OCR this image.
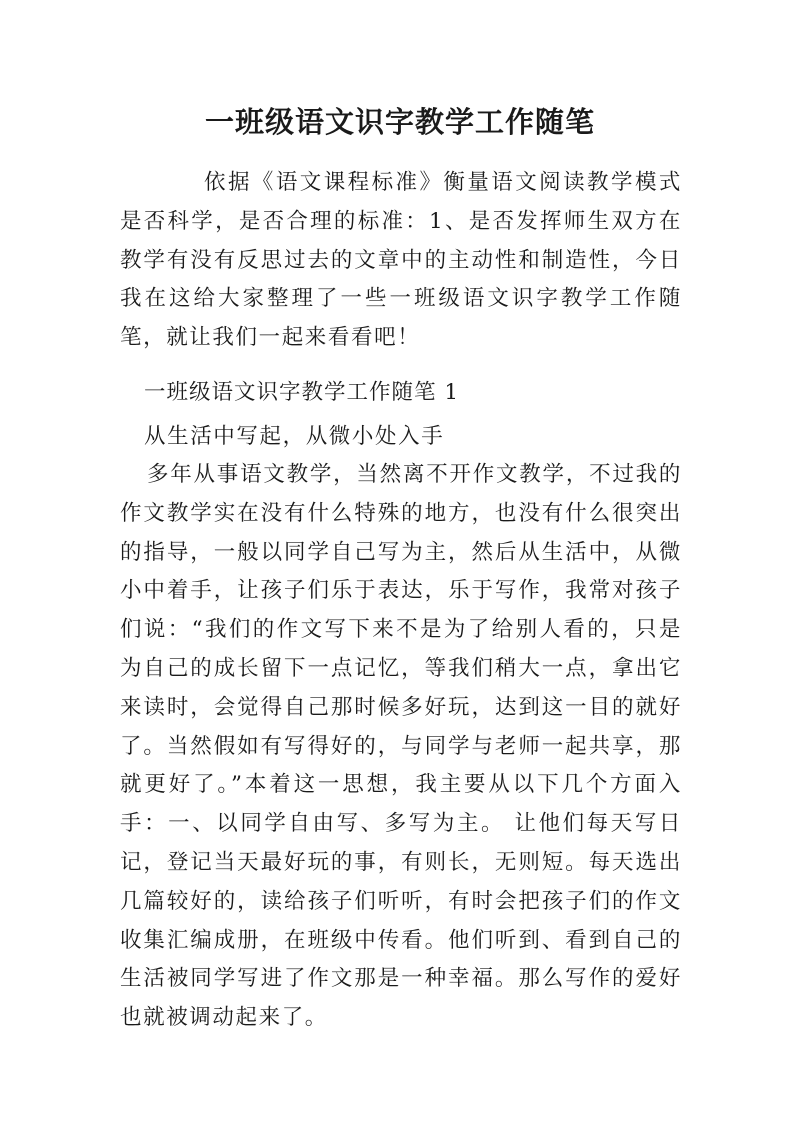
一班级语文识字教学工作随笔

依据《语文课程标准》衡量语文阅读教学模式是否科学，是否合理的标准：1、是否发挥师生双方在教学有没有反思过去的文章中的主动性和制造性，今日我在这给大家整理了一些一班级语文识字教学工作随笔，就让我们一起来看看吧！

一班级语文识字教学工作随笔 1

从生活中写起，从微小处入手

多年从事语文教学，当然离不开作文教学，不过我的作文教学实在没有什么特殊的地方，也没有什么很突出的指导，一般以同学自己写为主，然后从生活中，从微小中着手，让孩子们乐于表达，乐于写作，我常对孩子们说：“我们的作文写下来不是为了给别人看的，只是为自己的成长留下一点记忆，等我们稍大一点，拿出它来读时，会觉得自己那时候多好玩，达到这一目的就好了。当然假如有写得好的，与同学与老师一起共享，那就更好了。”本着这一思想，我主要从以下几个方面入手：一、以同学自由写、多写为主。 让他们每天写日记，登记当天最好玩的事，有则长，无则短。每天选出几篇较好的，读给孩子们听听，有时会把孩子们的作文收集汇编成册，在班级中传看。他们听到、看到自己的生活被同学写进了作文那是一种幸福。那么写作的爱好也就被调动起来了。
